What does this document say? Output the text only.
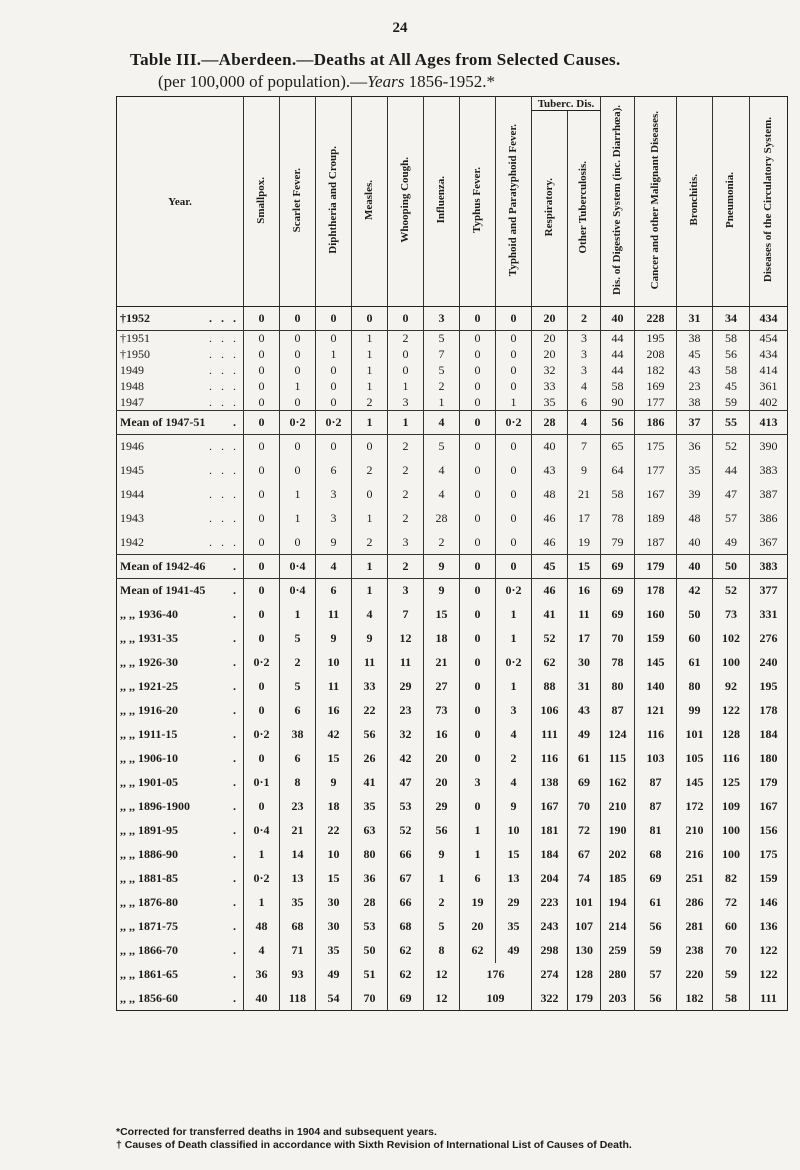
24
Table III.—Aberdeen.—Deaths at All Ages from Selected Causes.
(per 100,000 of population).—Years 1856-1952.*
Year.	Smallpox.	Scarlet Fever.	Diphtheria and Croup.	Measles.	Whooping Cough.	Influenza.	Typhus Fever.	Typhoid and Paratyphoid Fever.	Tuberc. Dis.		Dis. of Digestive System (inc. Diarrhœa).	Cancer and other Malignant Diseases.	Bronchitis.	Pneumonia.	Diseases of the Circulatory System.
									Respiratory.	Other Tuberculosis.					

†1952 . . .	0	0	0	0	0	3	0	0	20	2	40	228	31	34	434

†1951 . . .	0	0	0	1	2	5	0	0	20	3	44	195	38	58	454

†1950 . . .	0	0	1	1	0	7	0	0	20	3	44	208	45	56	434

1949 . . .	0	0	0	1	0	5	0	0	32	3	44	182	43	58	414

1948 . . .	0	1	0	1	1	2	0	0	33	4	58	169	23	45	361

1947 . . .	0	0	0	2	3	1	0	1	35	6	90	177	38	59	402

Mean of 1947-51 .	0	0·2	0·2	1	1	4	0	0·2	28	4	56	186	37	55	413

1946 . . .	0	0	0	0	2	5	0	0	40	7	65	175	36	52	390

1945 . . .	0	0	6	2	2	4	0	0	43	9	64	177	35	44	383

1944 . . .	0	1	3	0	2	4	0	0	48	21	58	167	39	47	387

1943 . . .	0	1	3	1	2	28	0	0	46	17	78	189	48	57	386

1942 . . .	0	0	9	2	3	2	0	0	46	19	79	187	40	49	367

Mean of 1942-46 .	0	0·4	4	1	2	9	0	0	45	15	69	179	40	50	383

Mean of 1941-45 .	0	0·4	6	1	3	9	0	0·2	46	16	69	178	42	52	377

,, ,, 1936-40 .	0	1	11	4	7	15	0	1	41	11	69	160	50	73	331

,, ,, 1931-35 .	0	5	9	9	12	18	0	1	52	17	70	159	60	102	276

,, ,, 1926-30 .	0·2	2	10	11	11	21	0	0·2	62	30	78	145	61	100	240

,, ,, 1921-25 .	0	5	11	33	29	27	0	1	88	31	80	140	80	92	195

,, ,, 1916-20 .	0	6	16	22	23	73	0	3	106	43	87	121	99	122	178

,, ,, 1911-15 .	0·2	38	42	56	32	16	0	4	111	49	124	116	101	128	184

,, ,, 1906-10 .	0	6	15	26	42	20	0	2	116	61	115	103	105	116	180

,, ,, 1901-05 .	0·1	8	9	41	47	20	3	4	138	69	162	87	145	125	179

,, ,, 1896-1900 .	0	23	18	35	53	29	0	9	167	70	210	87	172	109	167

,, ,, 1891-95 .	0·4	21	22	63	52	56	1	10	181	72	190	81	210	100	156

,, ,, 1886-90 .	1	14	10	80	66	9	1	15	184	67	202	68	216	100	175

,, ,, 1881-85 .	0·2	13	15	36	67	1	6	13	204	74	185	69	251	82	159

,, ,, 1876-80 .	1	35	30	28	66	2	19	29	223	101	194	61	286	72	146

,, ,, 1871-75 .	48	68	30	53	68	5	20	35	243	107	214	56	281	60	136

,, ,, 1866-70 .	4	71	35	50	62	8	62	49	298	130	259	59	238	70	122

,, ,, 1861-65 .	36	93	49	51	62	12	176		274	128	280	57	220	59	122

,, ,, 1856-60 .	40	118	54	70	69	12	109		322	179	203	56	182	58	111
*Corrected for transferred deaths in 1904 and subsequent years.
† Causes of Death classified in accordance with Sixth Revision of International List of Causes of Death.
